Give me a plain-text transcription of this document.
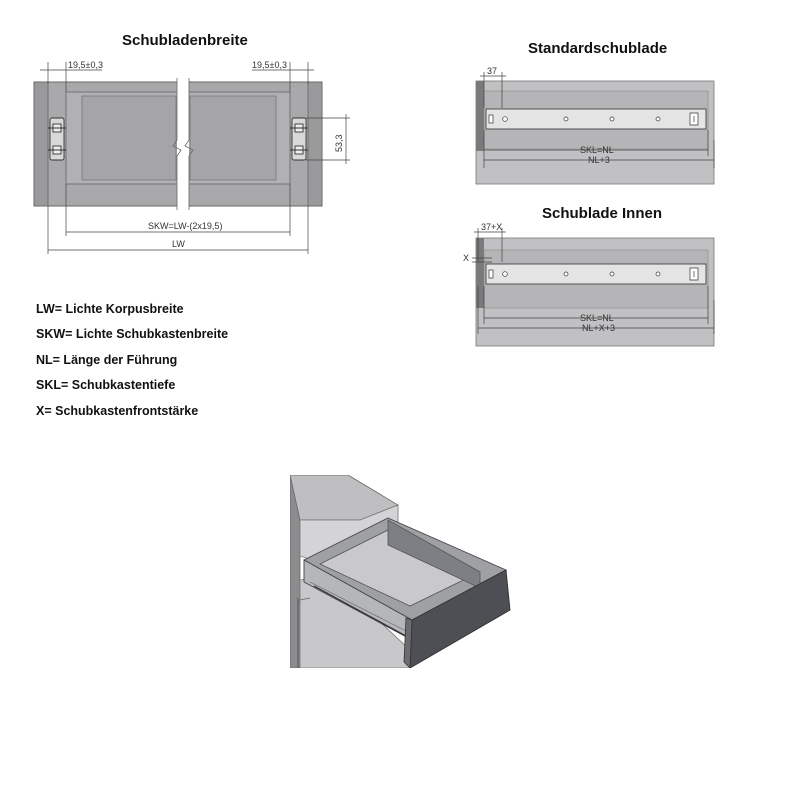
Schubladenbreite	Standardschublade
Schublade Innen
LW= Lichte Korpusbreite
SKW= Lichte Schubkastenbreite
NL= Länge der Führung
SKL= Schubkastentiefe
X= Schubkastenfrontstärke
19,5±0,3	19,5±0,3
53,3
SKW=LW-(2x19,5)
LW
37
SKL=NL
NL+3
37+X
X
SKL=NL
NL+X+3
